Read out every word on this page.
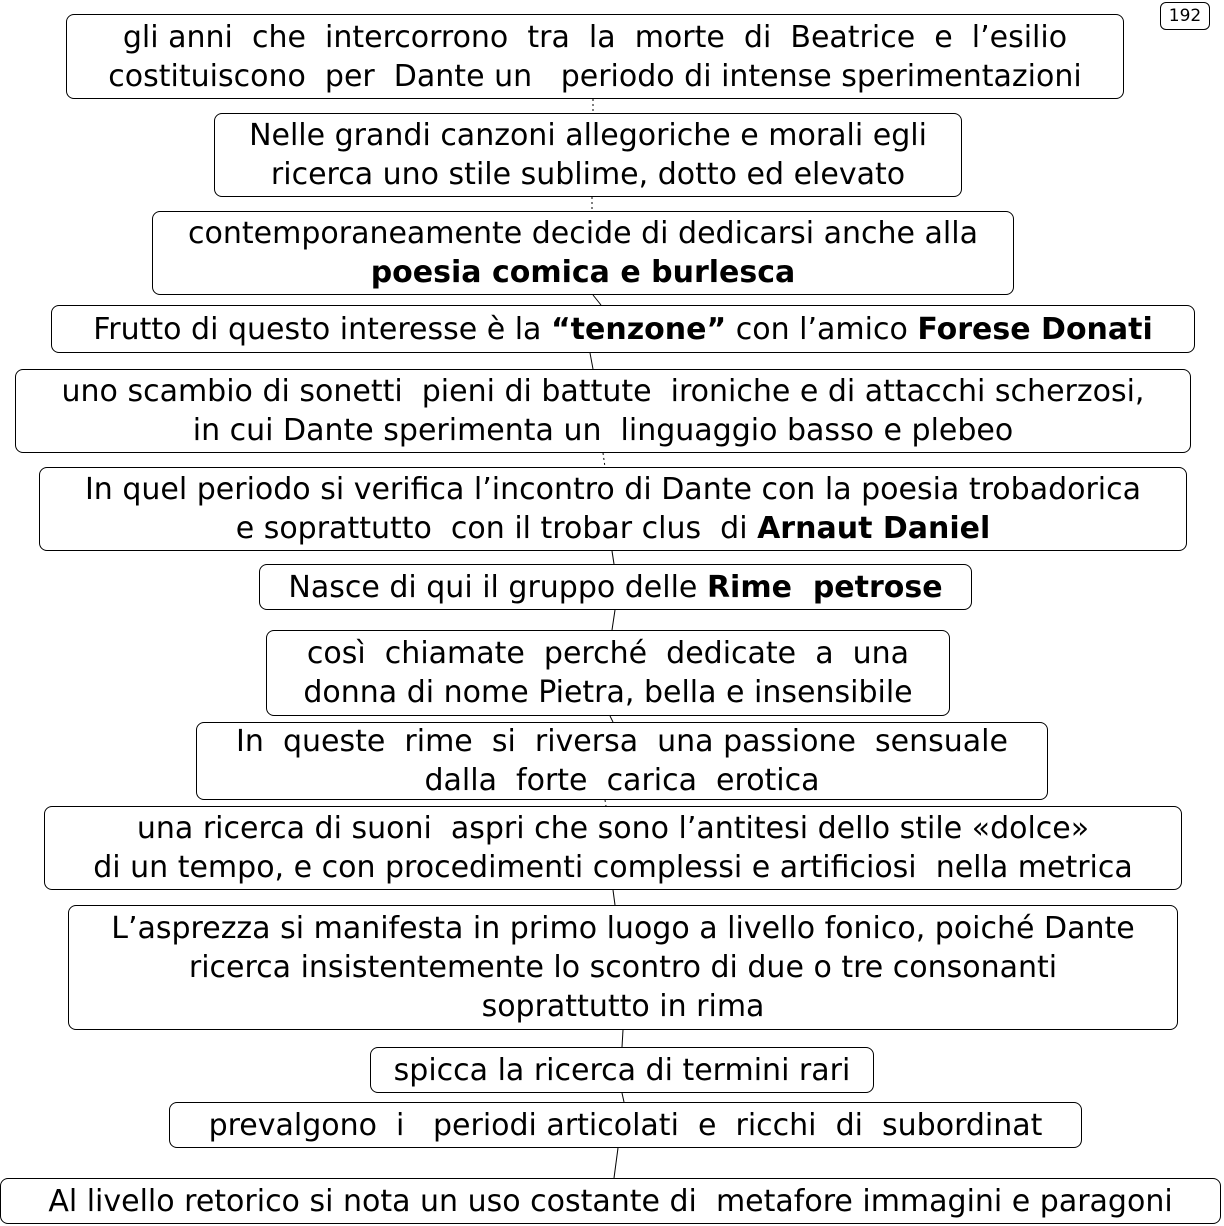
192
gli anni  che  intercorrono  tra  la  morte  di  Beatrice  e  l’esilio
costituiscono  per  Dante un   periodo di intense sperimentazioni
Nelle grandi canzoni allegoriche e morali egli
ricerca uno stile sublime, dotto ed elevato
contemporaneamente decide di dedicarsi anche alla
poesia comica e burlesca
Frutto di questo interesse è la “tenzone” con l’amico Forese Donati
uno scambio di sonetti  pieni di battute  ironiche e di attacchi scherzosi,
in cui Dante sperimenta un  linguaggio basso e plebeo
In quel periodo si verifica l’incontro di Dante con la poesia trobadorica
e soprattutto  con il trobar clus  di Arnaut Daniel
Nasce di qui il gruppo delle Rime  petrose
così  chiamate  perché  dedicate  a  una
donna di nome Pietra, bella e insensibile
In  queste  rime  si  riversa  una passione  sensuale
dalla  forte  carica  erotica
una ricerca di suoni  aspri che sono l’antitesi dello stile «dolce»
di un tempo, e con procedimenti complessi e artificiosi  nella metrica
L’asprezza si manifesta in primo luogo a livello fonico, poiché Dante
ricerca insistentemente lo scontro di due o tre consonanti
soprattutto in rima
spicca la ricerca di termini rari
prevalgono  i   periodi articolati  e  ricchi  di  subordinat
Al livello retorico si nota un uso costante di  metafore immagini e paragoni
